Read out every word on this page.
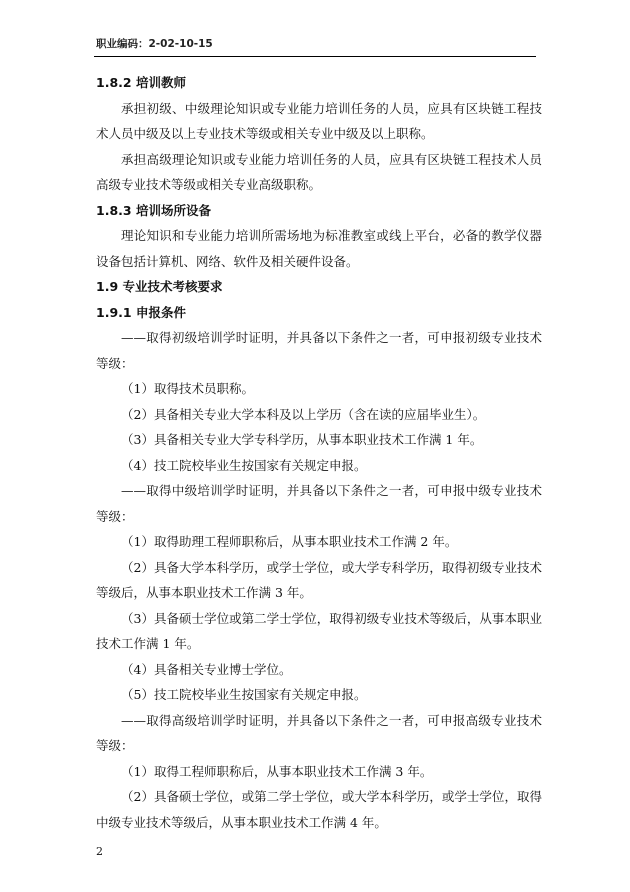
职业编码：2-02-10-15
1.8.2 培训教师

承担初级、中级理论知识或专业能力培训任务的人员，应具有区块链工程技术人员中级及以上专业技术等级或相关专业中级及以上职称。

承担高级理论知识或专业能力培训任务的人员，应具有区块链工程技术人员高级专业技术等级或相关专业高级职称。

1.8.3 培训场所设备

理论知识和专业能力培训所需场地为标准教室或线上平台，必备的教学仪器设备包括计算机、网络、软件及相关硬件设备。

1.9 专业技术考核要求
1.9.1 申报条件

——取得初级培训学时证明，并具备以下条件之一者，可申报初级专业技术等级：

（1）取得技术员职称。

（2）具备相关专业大学本科及以上学历（含在读的应届毕业生）。

（3）具备相关专业大学专科学历，从事本职业技术工作满 1 年。

（4）技工院校毕业生按国家有关规定申报。

——取得中级培训学时证明，并具备以下条件之一者，可申报中级专业技术等级：

（1）取得助理工程师职称后，从事本职业技术工作满 2 年。

（2）具备大学本科学历，或学士学位，或大学专科学历，取得初级专业技术等级后，从事本职业技术工作满 3 年。

（3）具备硕士学位或第二学士学位，取得初级专业技术等级后，从事本职业技术工作满 1 年。

（4）具备相关专业博士学位。

（5）技工院校毕业生按国家有关规定申报。

——取得高级培训学时证明，并具备以下条件之一者，可申报高级专业技术等级：

（1）取得工程师职称后，从事本职业技术工作满 3 年。

（2）具备硕士学位，或第二学士学位，或大学本科学历，或学士学位，取得中级专业技术等级后，从事本职业技术工作满 4 年。

2
